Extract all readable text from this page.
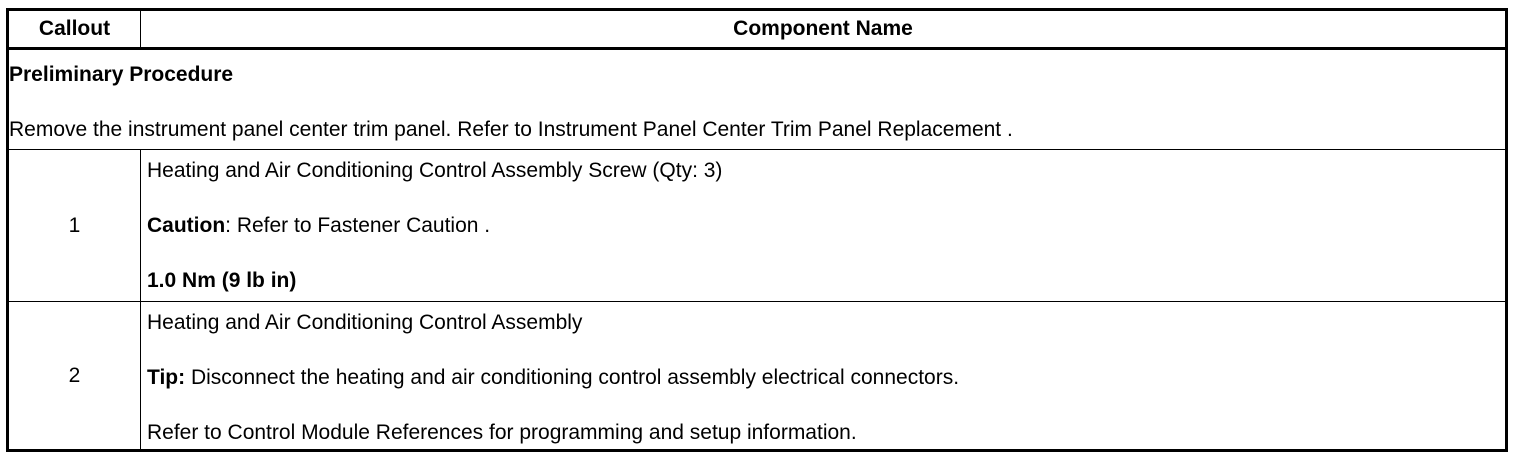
Callout	Component Name

Preliminary Procedure
Remove the instrument panel center trim panel. Refer to Instrument Panel Center Trim Panel Replacement .	

1	Heating and Air Conditioning Control Assembly Screw (Qty: 3)
Caution: Refer to Fastener Caution .
1.0 Nm (9 lb in)

2	Heating and Air Conditioning Control Assembly
Tip: Disconnect the heating and air conditioning control assembly electrical connectors.
Refer to Control Module References for programming and setup information.
